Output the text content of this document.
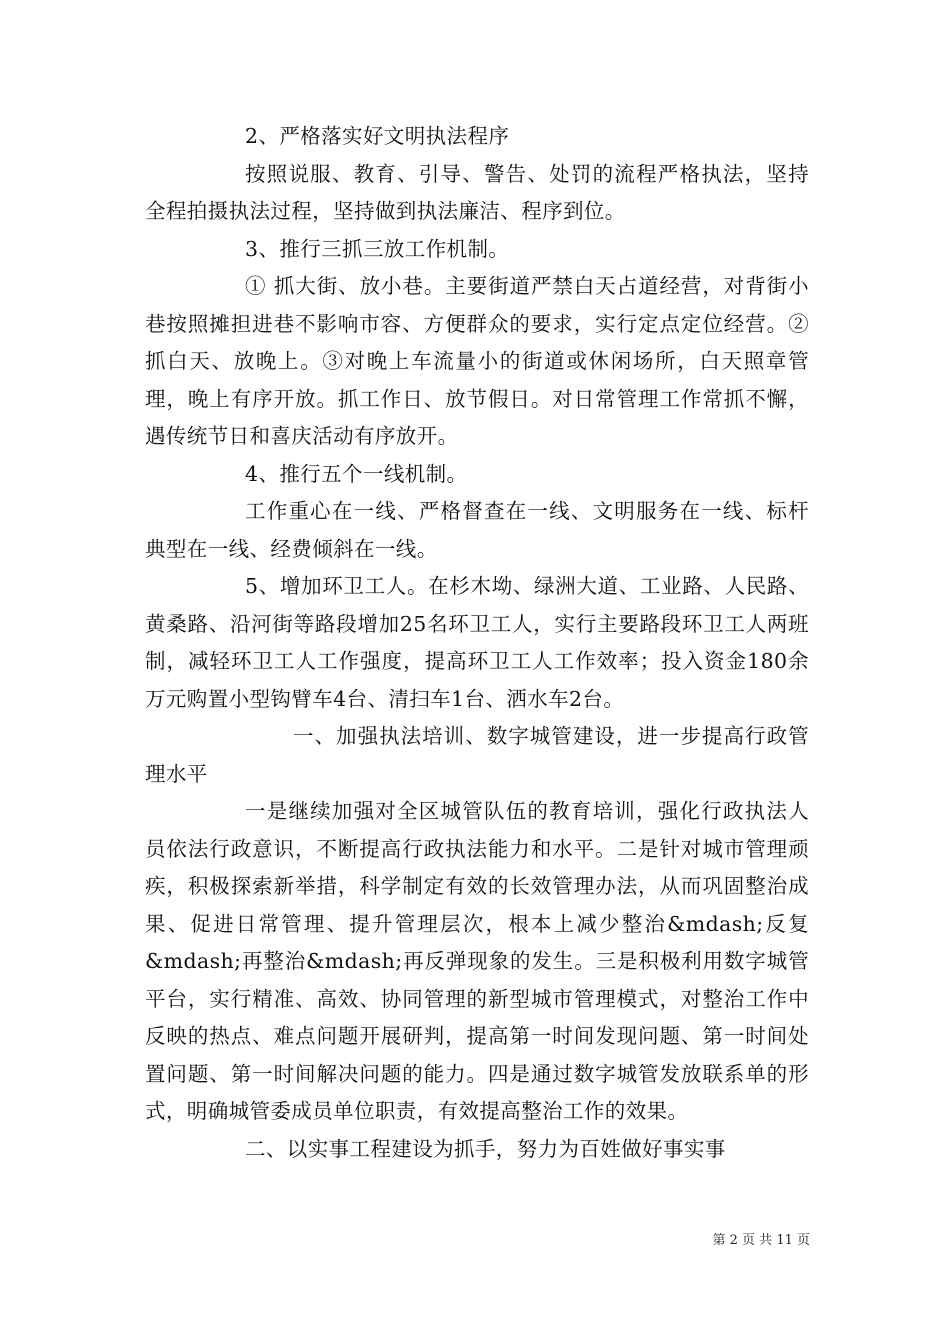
2、严格落实好文明执法程序

按照说服、教育、引导、警告、处罚的流程严格执法，坚持全程拍摄执法过程，坚持做到执法廉洁、程序到位。

3、推行三抓三放工作机制。

① 抓大街、放小巷。主要街道严禁白天占道经营，对背街小巷按照摊担进巷不影响市容、方便群众的要求，实行定点定位经营。②抓白天、放晚上。③对晚上车流量小的街道或休闲场所，白天照章管理，晚上有序开放。抓工作日、放节假日。对日常管理工作常抓不懈，遇传统节日和喜庆活动有序放开。

4、推行五个一线机制。

工作重心在一线、严格督查在一线、文明服务在一线、标杆典型在一线、经费倾斜在一线。

5、增加环卫工人。在杉木坳、绿洲大道、工业路、人民路、黄桑路、沿河街等路段增加25名环卫工人，实行主要路段环卫工人两班制，减轻环卫工人工作强度，提高环卫工人工作效率；投入资金180余万元购置小型钩臂车4台、清扫车1台、洒水车2台。

一、加强执法培训、数字城管建设，进一步提高行政管理水平

一是继续加强对全区城管队伍的教育培训，强化行政执法人员依法行政意识，不断提高行政执法能力和水平。二是针对城市管理顽疾，积极探索新举措，科学制定有效的长效管理办法，从而巩固整治成果、促进日常管理、提升管理层次，根本上减少整治&mdash;反复&mdash;再整治&mdash;再反弹现象的发生。三是积极利用数字城管平台，实行精准、高效、协同管理的新型城市管理模式，对整治工作中反映的热点、难点问题开展研判，提高第一时间发现问题、第一时间处置问题、第一时间解决问题的能力。四是通过数字城管发放联系单的形式，明确城管委成员单位职责，有效提高整治工作的效果。

二、以实事工程建设为抓手，努力为百姓做好事实事

第 2 页 共 11 页
